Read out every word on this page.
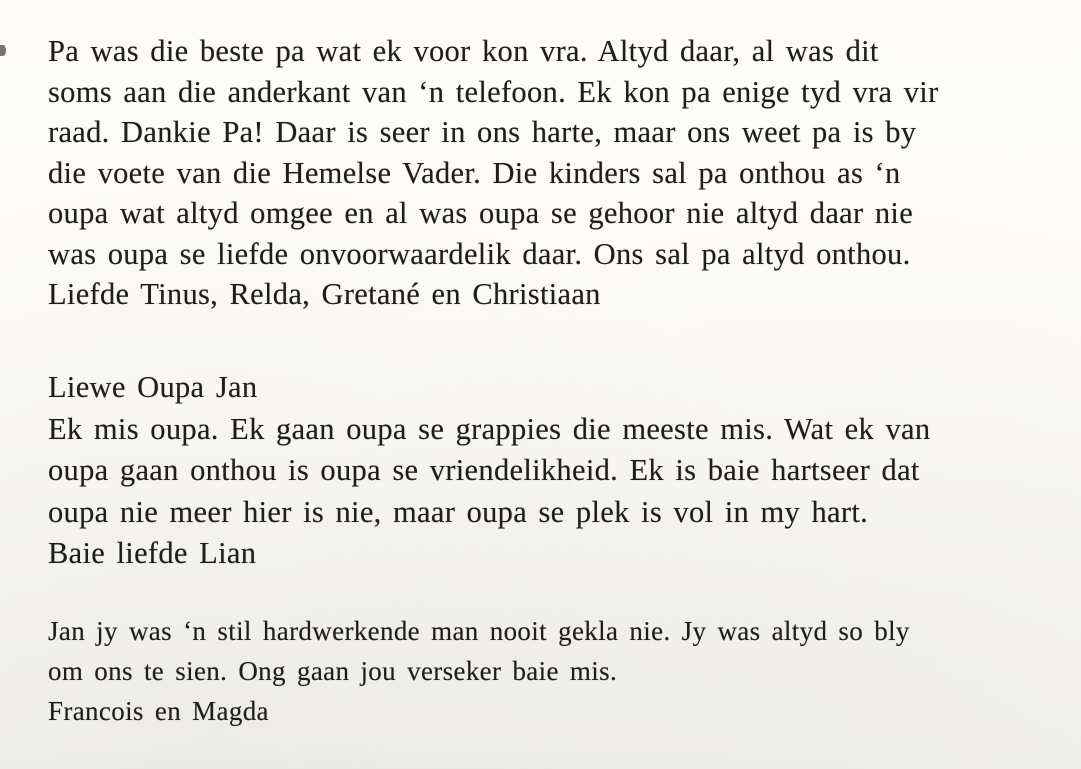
Pa was die beste pa wat ek voor kon vra. Altyd daar, al was dit
soms aan die anderkant van ‘n telefoon. Ek kon pa enige tyd vra vir
raad. Dankie Pa! Daar is seer in ons harte, maar ons weet pa is by
die voete van die Hemelse Vader. Die kinders sal pa onthou as ‘n
oupa wat altyd omgee en al was oupa se gehoor nie altyd daar nie
was oupa se liefde onvoorwaardelik daar. Ons sal pa altyd onthou.
Liefde Tinus, Relda, Gretané en Christiaan
Liewe Oupa Jan
Ek mis oupa. Ek gaan oupa se grappies die meeste mis. Wat ek van
oupa gaan onthou is oupa se vriendelikheid. Ek is baie hartseer dat
oupa nie meer hier is nie, maar oupa se plek is vol in my hart.
Baie liefde Lian
Jan jy was ‘n stil hardwerkende man nooit gekla nie. Jy was altyd so bly
om ons te sien. Ong gaan jou verseker baie mis.
Francois en Magda
